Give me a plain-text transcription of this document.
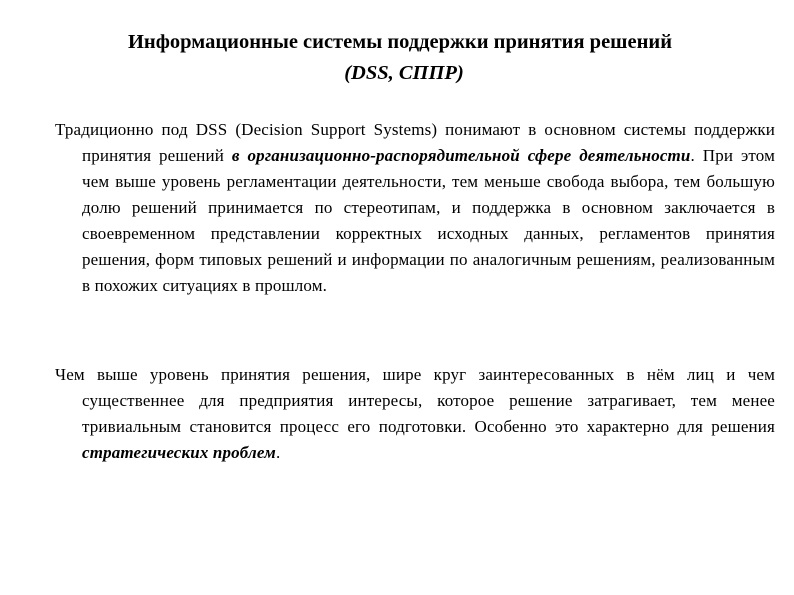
Информационные системы поддержки принятия решений
(DSS, СППР)
Традиционно под DSS (Decision Support Systems) понимают в основном системы поддержки принятия решений в организационно-распорядительной сфере деятельности. При этом чем выше уровень регламентации деятельности, тем меньше свобода выбора, тем большую долю решений принимается по стереотипам, и поддержка в основном заключается в своевременном представлении корректных исходных данных, регламентов принятия решения, форм типовых решений и информации по аналогичным решениям, реализованным в похожих ситуациях в прошлом.
Чем выше уровень принятия решения, шире круг заинтересованных в нём лиц и чем существеннее для предприятия интересы, которое решение затрагивает, тем менее тривиальным становится процесс его подготовки. Особенно это характерно для решения стратегических проблем.
